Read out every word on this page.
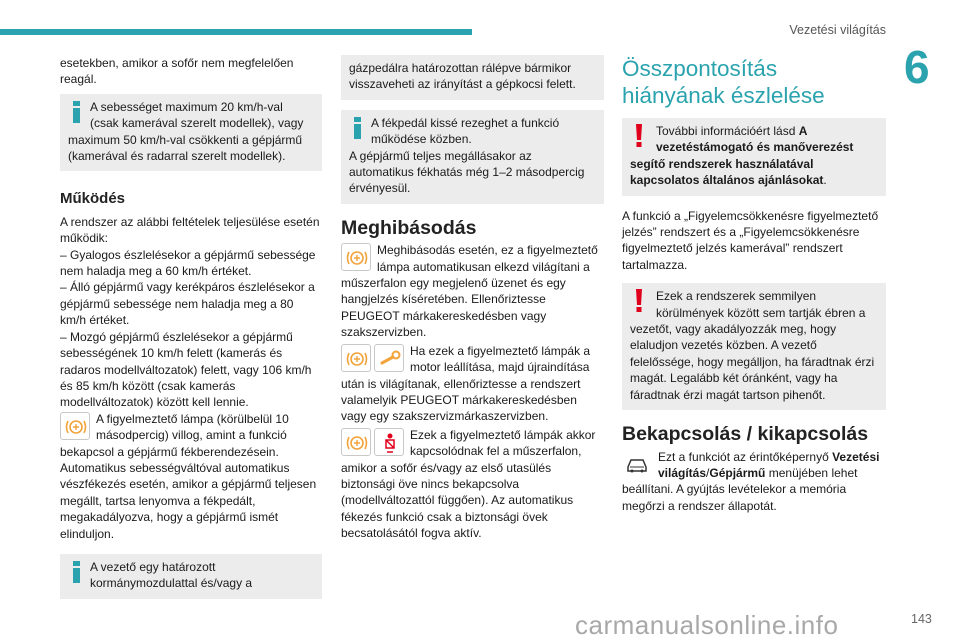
Vezetési világítás
6

esetekben, amikor a sofőr nem megfelelően reagál.

A sebességet maximum 20 km/h-val (csak kamerával szerelt modellek), vagy

maximum 50 km/h-val csökkenti a gépjármű (kamerával és radarral szerelt modellek).

Működés

A rendszer az alábbi feltételek teljesülése esetén működik:

– Gyalogos észlelésekor a gépjármű sebessége nem haladja meg a 60 km/h értéket.

– Álló gépjármű vagy kerékpáros észlelésekor a gépjármű sebessége nem haladja meg a 80 km/h értéket.

– Mozgó gépjármű észlelésekor a gépjármű sebességének 10 km/h felett (kamerás és radaros modellváltozatok) felett, vagy 106 km/h és 85 km/h között (csak kamerás modellváltozatok) között kell lennie.

A figyelmeztető lámpa (körülbelül 10 másodpercig) villog, amint a funkció

bekapcsol a gépjármű fékberendezésein. Automatikus sebességváltóval automatikus vészfékezés esetén, amikor a gépjármű teljesen megállt, tartsa lenyomva a fékpedált, megakadályozva, hogy a gépjármű ismét elinduljon.

A vezető egy határozott kormánymozdulattal és/vagy a

gázpedálra határozottan rálépve bármikor visszaveheti az irányítást a gépkocsi felett.

A fékpedál kissé rezeghet a funkció működése közben.

A gépjármű teljes megállásakor az automatikus fékhatás még 1–2 másodpercig érvényesül.

Meghibásodás

Meghibásodás esetén, ez a figyelmeztető lámpa automatikusan elkezd világítani a

műszerfalon egy megjelenő üzenet és egy hangjelzés kíséretében. Ellenőriztesse PEUGEOT márkakereskedésben vagy szakszervizben.

Ha ezek a figyelmeztető lámpák a motor leállítása, majd újraindítása

után is világítanak, ellenőriztesse a rendszert valamelyik PEUGEOT márkakereskedésben vagy egy szakszervizmárkaszervizben.

Ezek a figyelmeztető lámpák akkor kapcsolódnak fel a műszerfalon,

amikor a sofőr és/vagy az első utasülés biztonsági öve nincs bekapcsolva (modellváltozattól függően). Az automatikus fékezés funkció csak a biztonsági övek becsatolásától fogva aktív.

Összpontosítás

hiányának észlelése

További információért lásd A

vezetéstámogató és manőverezést segítő rendszerek használatával kapcsolatos általános ajánlásokat.

A funkció a „Figyelemcsökkenésre figyelmeztető jelzés” rendszert és a „Figyelemcsökkenésre figyelmeztető jelzés kamerával” rendszert tartalmazza.

Ezek a rendszerek semmilyen körülmények között sem tartják ébren a

vezetőt, vagy akadályozzák meg, hogy elaludjon vezetés közben. A vezető felelőssége, hogy megálljon, ha fáradtnak érzi magát. Legalább két óránként, vagy ha fáradtnak érzi magát tartson pihenőt.

Bekapcsolás / kikapcsolás

Ezt a funkciót az érintőképernyő Vezetési világítás/Gépjármű menüjében lehet

beállítani. A gyújtás levételekor a memória megőrzi a rendszer állapotát.

carmanualsonline.info	143
